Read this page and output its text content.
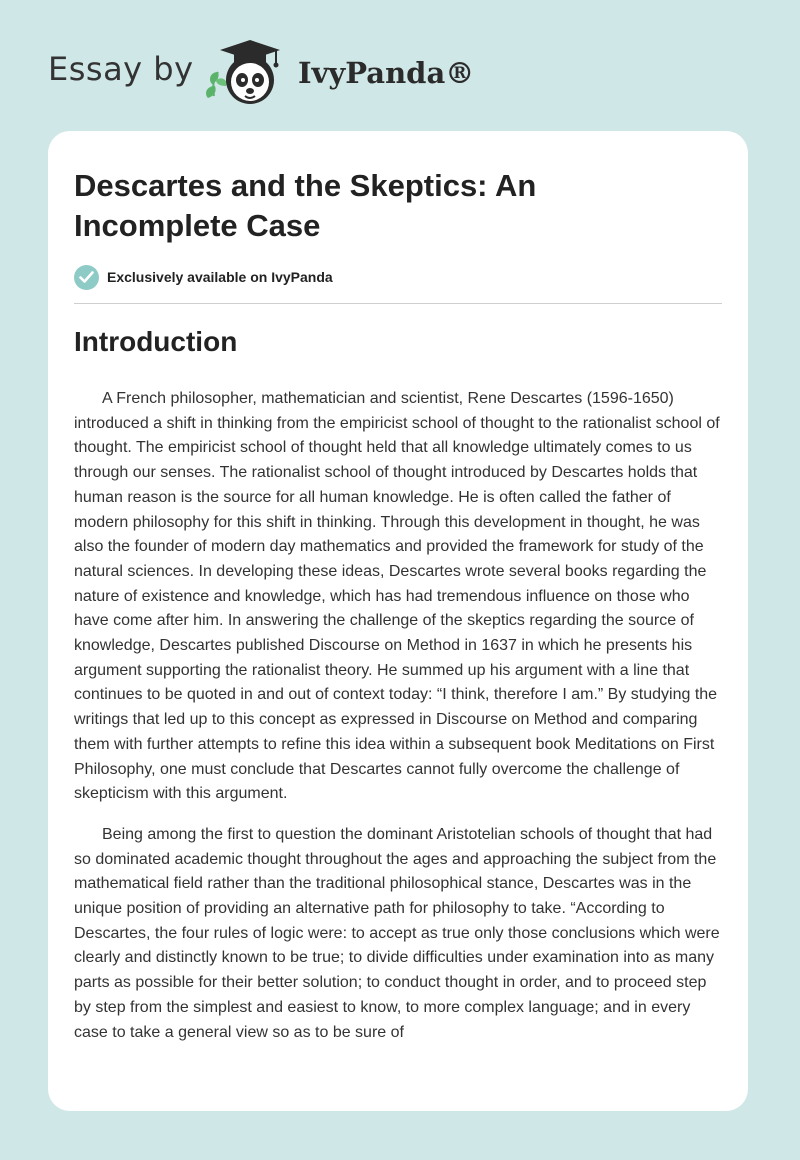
Essay by	IvyPanda®
Descartes and the Skeptics: An Incomplete Case
Exclusively available on IvyPanda
Introduction

A French philosopher, mathematician and scientist, Rene Descartes (1596-1650) introduced a shift in thinking from the empiricist school of thought to the rationalist school of thought. The empiricist school of thought held that all knowledge ultimately comes to us through our senses. The rationalist school of thought introduced by Descartes holds that human reason is the source for all human knowledge. He is often called the father of modern philosophy for this shift in thinking. Through this development in thought, he was also the founder of modern day mathematics and provided the framework for study of the natural sciences. In developing these ideas, Descartes wrote several books regarding the nature of existence and knowledge, which has had tremendous influence on those who have come after him. In answering the challenge of the skeptics regarding the source of knowledge, Descartes published Discourse on Method in 1637 in which he presents his argument supporting the rationalist theory. He summed up his argument with a line that continues to be quoted in and out of context today: “I think, therefore I am.” By studying the writings that led up to this concept as expressed in Discourse on Method and comparing them with further attempts to refine this idea within a subsequent book Meditations on First Philosophy, one must conclude that Descartes cannot fully overcome the challenge of skepticism with this argument.

Being among the first to question the dominant Aristotelian schools of thought that had so dominated academic thought throughout the ages and approaching the subject from the mathematical field rather than the traditional philosophical stance, Descartes was in the unique position of providing an alternative path for philosophy to take. “According to Descartes, the four rules of logic were: to accept as true only those conclusions which were clearly and distinctly known to be true; to divide difficulties under examination into as many parts as possible for their better solution; to conduct thought in order, and to proceed step by step from the simplest and easiest to know, to more complex language; and in every case to take a general view so as to be sure of
